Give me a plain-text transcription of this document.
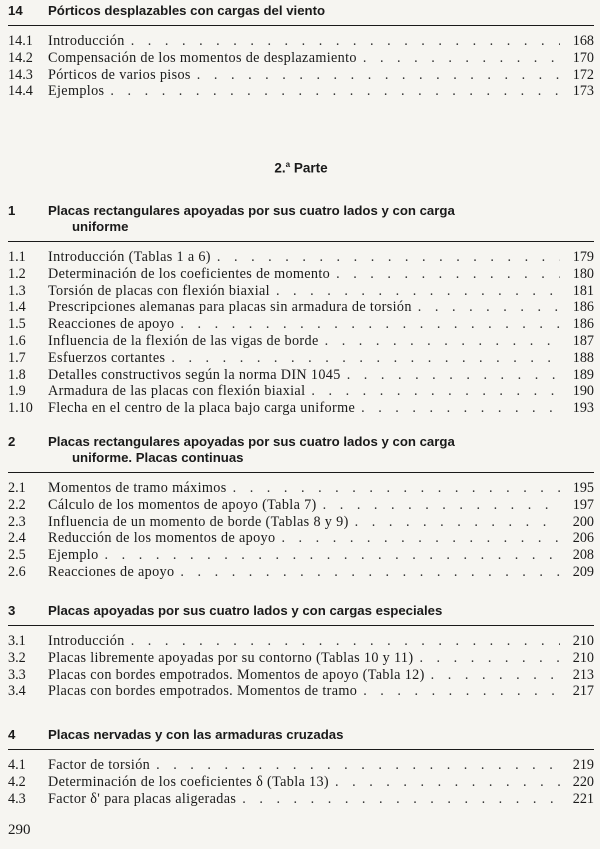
14	Pórticos desplazables con cargas del viento
14.1	Introducción . . .	168
14.2	Compensación de los momentos de desplazamiento . . .	170
14.3	Pórticos de varios pisos . . .	172
14.4	Ejemplos . . .	173
2.$^a$ Parte
1	Placas rectangulares apoyadas por sus cuatro lados y con carga
uniforme
1.1	Introducción (Tablas 1 a 6) . . .	179
1.2	Determinación de los coeficientes de momento . . .	180
1.3	Torsión de placas con flexión biaxial . . .	181
1.4	Prescripciones alemanas para placas sin armadura de torsión . . .	186
1.5	Reacciones de apoyo . . .	186
1.6	Influencia de la flexión de las vigas de borde . . .	187
1.7	Esfuerzos cortantes . . .	188
1.8	Detalles constructivos según la norma DIN 1045 . . .	189
1.9	Armadura de las placas con flexión biaxial . . .	190
1.10	Flecha en el centro de la placa bajo carga uniforme . . .	193
2	Placas rectangulares apoyadas por sus cuatro lados y con carga
uniforme. Placas continuas
2.1	Momentos de tramo máximos . . .	195
2.2	Cálculo de los momentos de apoyo (Tabla 7) . . .	197
2.3	Influencia de un momento de borde (Tablas 8 y 9) . . .	200
2.4	Reducción de los momentos de apoyo . . .	206
2.5	Ejemplo . . .	208
2.6	Reacciones de apoyo . . .	209
3	Placas apoyadas por sus cuatro lados y con cargas especiales
3.1	Introducción . . .	210
3.2	Placas libremente apoyadas por su contorno (Tablas 10 y 11) . . .	210
3.3	Placas con bordes empotrados. Momentos de apoyo (Tabla 12) . . .	213
3.4	Placas con bordes empotrados. Momentos de tramo . . .	217
4	Placas nervadas y con las armaduras cruzadas
4.1	Factor de torsión . . .	219
4.2	Determinación de los coeficientes δ (Tabla 13) . . .	220
4.3	Factor δ' para placas aligeradas . . .	221
290
